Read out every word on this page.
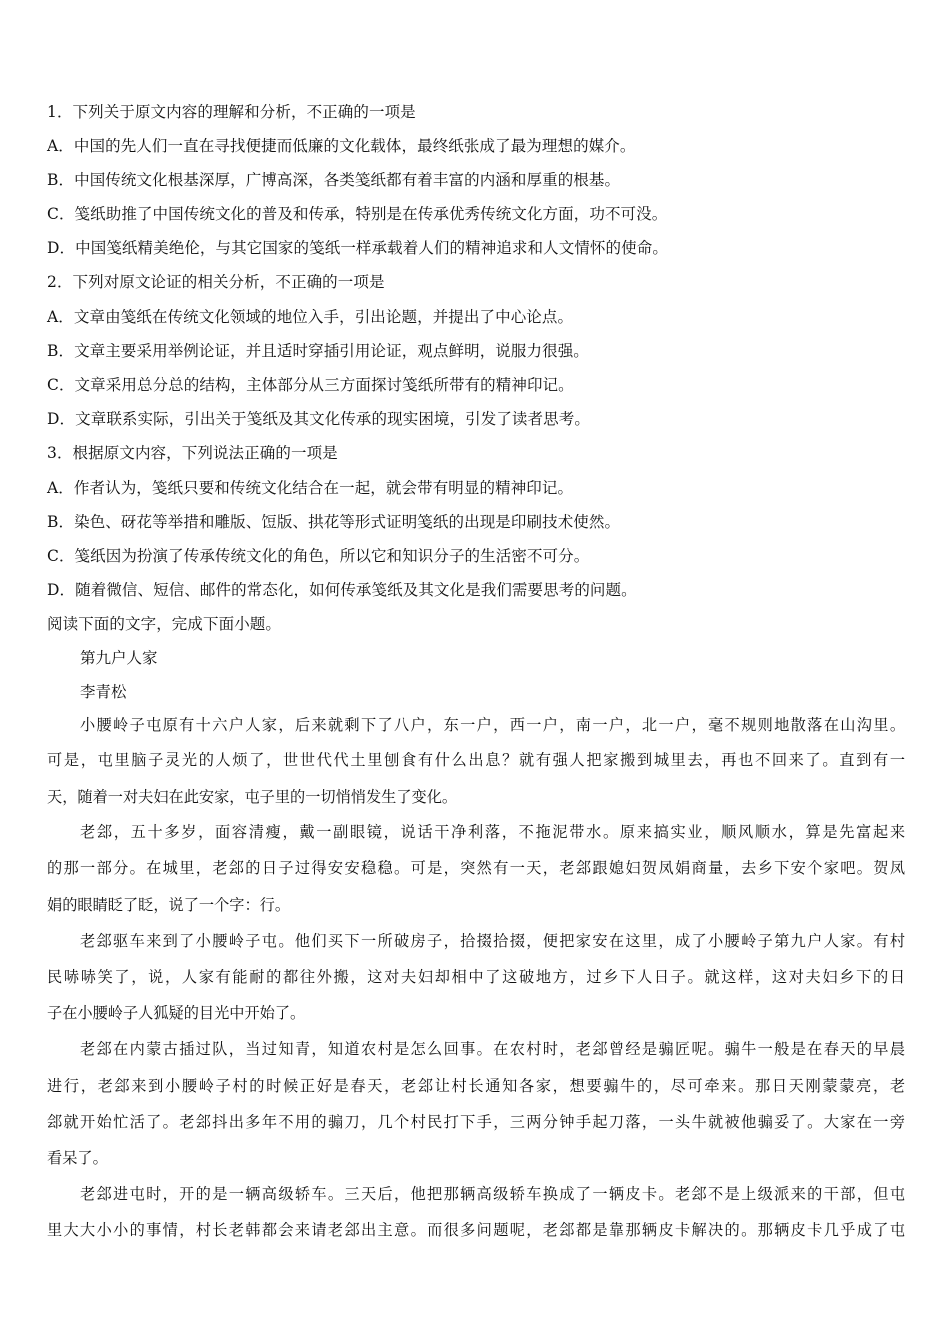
1．下列关于原文内容的理解和分析，不正确的一项是
A．中国的先人们一直在寻找便捷而低廉的文化载体，最终纸张成了最为理想的媒介。
B．中国传统文化根基深厚，广博高深，各类笺纸都有着丰富的内涵和厚重的根基。
C．笺纸助推了中国传统文化的普及和传承，特别是在传承优秀传统文化方面，功不可没。
D．中国笺纸精美绝伦，与其它国家的笺纸一样承载着人们的精神追求和人文情怀的使命。
2．下列对原文论证的相关分析，不正确的一项是
A．文章由笺纸在传统文化领域的地位入手，引出论题，并提出了中心论点。
B．文章主要采用举例论证，并且适时穿插引用论证，观点鲜明，说服力很强。
C．文章采用总分总的结构，主体部分从三方面探讨笺纸所带有的精神印记。
D．文章联系实际，引出关于笺纸及其文化传承的现实困境，引发了读者思考。
3．根据原文内容，下列说法正确的一项是
A．作者认为，笺纸只要和传统文化结合在一起，就会带有明显的精神印记。
B．染色、砑花等举措和雕版、饾版、拱花等形式证明笺纸的出现是印刷技术使然。
C．笺纸因为扮演了传承传统文化的角色，所以它和知识分子的生活密不可分。
D．随着微信、短信、邮件的常态化，如何传承笺纸及其文化是我们需要思考的问题。
阅读下面的文字，完成下面小题。
第九户人家
李青松
小腰岭子屯原有十六户人家，后来就剩下了八户，东一户，西一户，南一户，北一户，毫不规则地散落在山沟里。
可是，屯里脑子灵光的人烦了，世世代代土里刨食有什么出息？就有强人把家搬到城里去，再也不回来了。直到有一
天，随着一对夫妇在此安家，屯子里的一切悄悄发生了变化。
老郐，五十多岁，面容清瘦，戴一副眼镜，说话干净利落，不拖泥带水。原来搞实业，顺风顺水，算是先富起来
的那一部分。在城里，老郐的日子过得安安稳稳。可是，突然有一天，老郐跟媳妇贺凤娟商量，去乡下安个家吧。贺凤
娟的眼睛眨了眨，说了一个字：行。
老郐驱车来到了小腰岭子屯。他们买下一所破房子，拾掇拾掇，便把家安在这里，成了小腰岭子第九户人家。有村
民哧哧笑了，说，人家有能耐的都往外搬，这对夫妇却相中了这破地方，过乡下人日子。就这样，这对夫妇乡下的日
子在小腰岭子人狐疑的目光中开始了。
老郐在内蒙古插过队，当过知青，知道农村是怎么回事。在农村时，老郐曾经是骟匠呢。骟牛一般是在春天的早晨
进行，老郐来到小腰岭子村的时候正好是春天，老郐让村长通知各家，想要骟牛的，尽可牵来。那日天刚蒙蒙亮，老
郐就开始忙活了。老郐抖出多年不用的骟刀，几个村民打下手，三两分钟手起刀落，一头牛就被他骟妥了。大家在一旁
看呆了。
老郐进屯时，开的是一辆高级轿车。三天后，他把那辆高级轿车换成了一辆皮卡。老郐不是上级派来的干部，但屯
里大大小小的事情，村长老韩都会来请老郐出主意。而很多问题呢，老郐都是靠那辆皮卡解决的。那辆皮卡几乎成了屯
